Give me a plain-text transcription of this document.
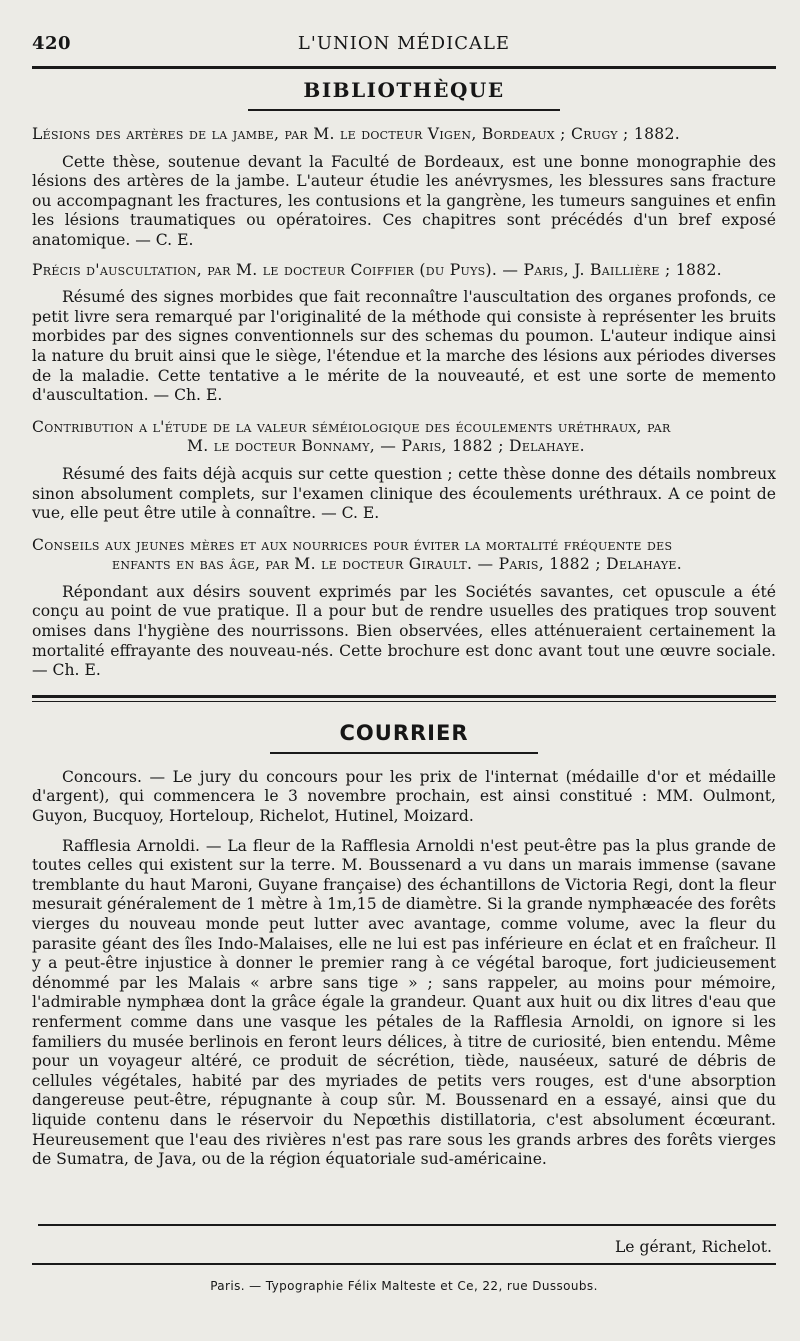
420	L'UNION MÉDICALE
BIBLIOTHÈQUE

Lésions des artères de la jambe, par M. le docteur Vigen, Bordeaux ; Crugy ; 1882.

Cette thèse, soutenue devant la Faculté de Bordeaux, est une bonne monographie des lésions des artères de la jambe. L'auteur étudie les anévrysmes, les blessures sans fracture ou accompagnant les fractures, les contusions et la gangrène, les tumeurs sanguines et enfin les lésions traumatiques ou opératoires. Ces chapitres sont précédés d'un bref exposé anatomique. — C. E.

Précis d'auscultation, par M. le docteur Coiffier (du Puys). — Paris, J. Baillière ; 1882.

Résumé des signes morbides que fait reconnaître l'auscultation des organes profonds, ce petit livre sera remarqué par l'originalité de la méthode qui consiste à représenter les bruits morbides par des signes conventionnels sur des schemas du poumon. L'auteur indique ainsi la nature du bruit ainsi que le siège, l'étendue et la marche des lésions aux périodes diverses de la maladie. Cette tentative a le mérite de la nouveauté, et est une sorte de memento d'auscultation. — Ch. E.

Contribution a l'étude de la valeur séméiologique des écoulements uréthraux, par
M. le docteur Bonnamy, — Paris, 1882 ; Delahaye.

Résumé des faits déjà acquis sur cette question ; cette thèse donne des détails nombreux sinon absolument complets, sur l'examen clinique des écoulements uréthraux. A ce point de vue, elle peut être utile à connaître. — C. E.

Conseils aux jeunes mères et aux nourrices pour éviter la mortalité fréquente des
enfants en bas âge, par M. le docteur Girault. — Paris, 1882 ; Delahaye.

Répondant aux désirs souvent exprimés par les Sociétés savantes, cet opuscule a été conçu au point de vue pratique. Il a pour but de rendre usuelles des pratiques trop souvent omises dans l'hygiène des nourrissons. Bien observées, elles atténueraient certainement la mortalité effrayante des nouveau-nés. Cette brochure est donc avant tout une œuvre sociale. — Ch. E.

COURRIER

Concours. — Le jury du concours pour les prix de l'internat (médaille d'or et médaille d'argent), qui commencera le 3 novembre prochain, est ainsi constitué : MM. Oulmont, Guyon, Bucquoy, Horteloup, Richelot, Hutinel, Moizard.

Rafflesia Arnoldi. — La fleur de la Rafflesia Arnoldi n'est peut-être pas la plus grande de toutes celles qui existent sur la terre. M. Boussenard a vu dans un marais immense (savane tremblante du haut Maroni, Guyane française) des échantillons de Victoria Regi, dont la fleur mesurait généralement de 1 mètre à 1m,15 de diamètre. Si la grande nymphæacée des forêts vierges du nouveau monde peut lutter avec avantage, comme volume, avec la fleur du parasite géant des îles Indo-Malaises, elle ne lui est pas inférieure en éclat et en fraîcheur. Il y a peut-être injustice à donner le premier rang à ce végétal baroque, fort judicieusement dénommé par les Malais « arbre sans tige » ; sans rappeler, au moins pour mémoire, l'admirable nymphæa dont la grâce égale la grandeur. Quant aux huit ou dix litres d'eau que renferment comme dans une vasque les pétales de la Rafflesia Arnoldi, on ignore si les familiers du musée berlinois en feront leurs délices, à titre de curiosité, bien entendu. Même pour un voyageur altéré, ce produit de sécrétion, tiède, nauséeux, saturé de débris de cellules végétales, habité par des myriades de petits vers rouges, est d'une absorption dangereuse peut-être, répugnante à coup sûr. M. Boussenard en a essayé, ainsi que du liquide contenu dans le réservoir du Nepœthis distillatoria, c'est absolument écœurant. Heureusement que l'eau des rivières n'est pas rare sous les grands arbres des forêts vierges de Sumatra, de Java, ou de la région équatoriale sud-américaine.

Le gérant, Richelot.
Paris. — Typographie Félix Malteste et Ce, 22, rue Dussoubs.
